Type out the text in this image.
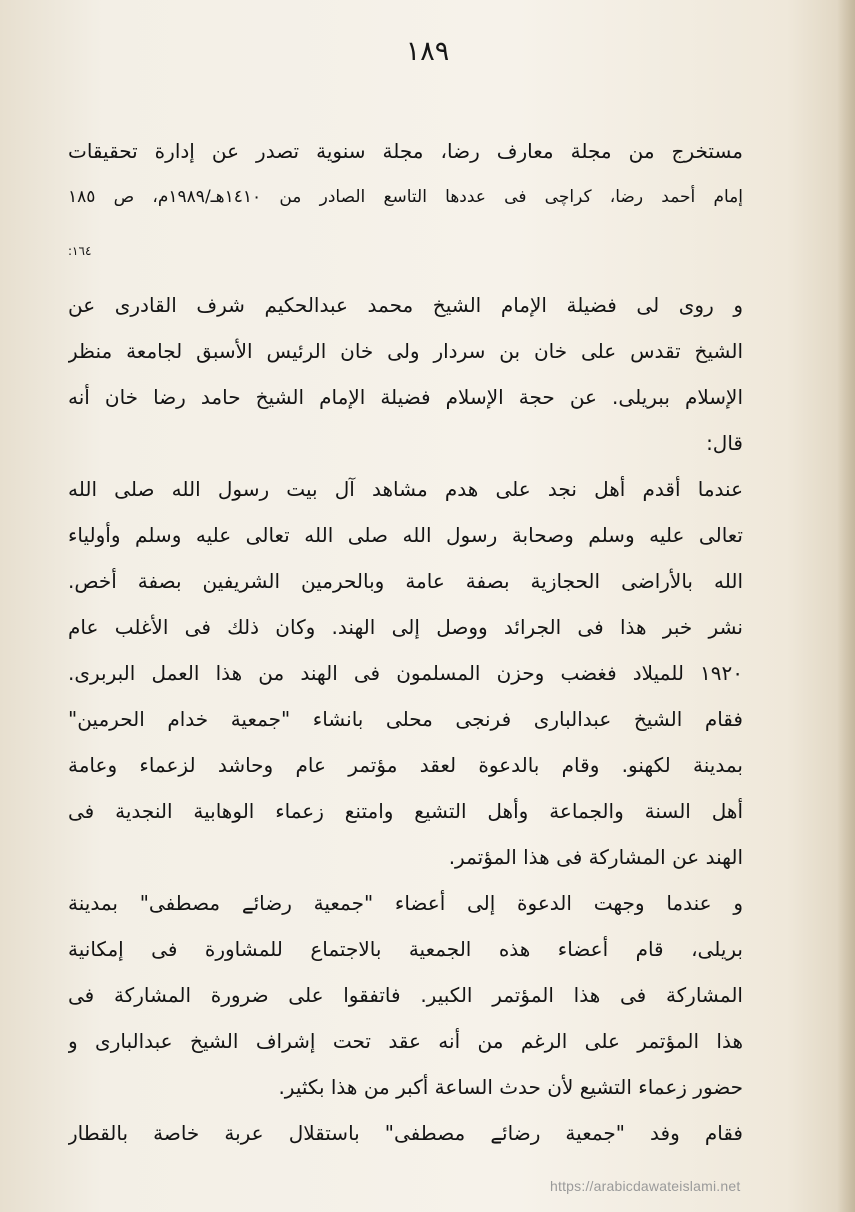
١٨٩
مستخرج من مجلة معارف رضا، مجلة سنوية تصدر عن إدارة تحقيقات
إمام أحمد رضا، كراچى فى عددها التاسع الصادر من ١٤١٠هـ/١٩٨٩م، ص ١٨٥
١٦٤:
و روى لى فضيلة الإمام الشيخ محمد عبدالحكيم شرف القادرى عن
الشيخ تقدس على خان بن سردار ولى خان الرئيس الأسبق لجامعة منظر
الإسلام ببريلى. عن حجة الإسلام فضيلة الإمام الشيخ حامد رضا خان أنه
قال:
عندما أقدم أهل نجد على هدم مشاهد آل بيت رسول الله صلى الله
تعالى عليه وسلم وصحابة رسول الله صلى الله تعالى عليه وسلم وأولياء
الله بالأراضى الحجازية بصفة عامة وبالحرمين الشريفين بصفة أخص.
نشر خبر هذا فى الجرائد ووصل إلى الهند. وكان ذلك فى الأغلب عام
١٩٢٠ للميلاد فغضب وحزن المسلمون فى الهند من هذا العمل البربرى.
فقام الشيخ عبدالبارى فرنجى محلى بانشاء "جمعية خدام الحرمين"
بمدينة لكهنو. وقام بالدعوة لعقد مؤتمر عام وحاشد لزعماء وعامة
أهل السنة والجماعة وأهل التشيع وامتنع زعماء الوهابية النجدية فى
الهند عن المشاركة فى هذا المؤتمر.
و عندما وجهت الدعوة إلى أعضاء "جمعية رضائے مصطفى" بمدينة
بريلى، قام أعضاء هذه الجمعية بالاجتماع للمشاورة فى إمكانية
المشاركة فى هذا المؤتمر الكبير. فاتفقوا على ضرورة المشاركة فى
هذا المؤتمر على الرغم من أنه عقد تحت إشراف الشيخ عبدالبارى و
حضور زعماء التشيع لأن حدث الساعة أكبر من هذا بكثير.
فقام وفد "جمعية رضائے مصطفى" باستقلال عربة خاصة بالقطار
https://arabicdawateislami.net
